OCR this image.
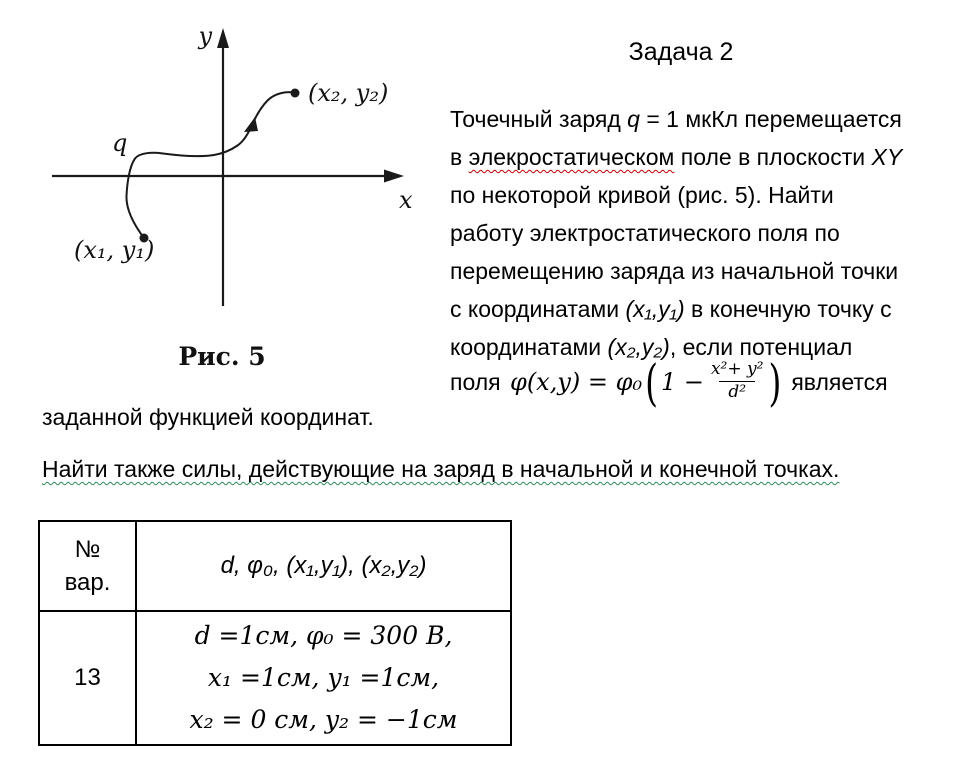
y
x
q
(x₁, y₁)
(x₂, y₂)
Рис. 5
Задача 2
Точечный заряд q = 1 мкКл перемещается
в элекростатическом поле в плоскости XY
по некоторой кривой (рис. 5). Найти
работу электростатического поля по
перемещению заряда из начальной точки
с координатами (x₁,y₁) в конечную точку с
координатами (x₂,y₂), если потенциал
поля φ(x,y) = φ₀ ( $1 - \frac{\text{x²+ y²}}{\text{d²}}$ ) является
заданной функцией координат.
Найти также силы, действующие на заряд в начальной и конечной точках.
№
вар.
d, φ₀, (x₁,y₁), (x₂,y₂)
13
d =1см, φ₀ = 300 В,
x₁ =1см, y₁ =1см,
x₂ = 0 см, y₂ = −1см
